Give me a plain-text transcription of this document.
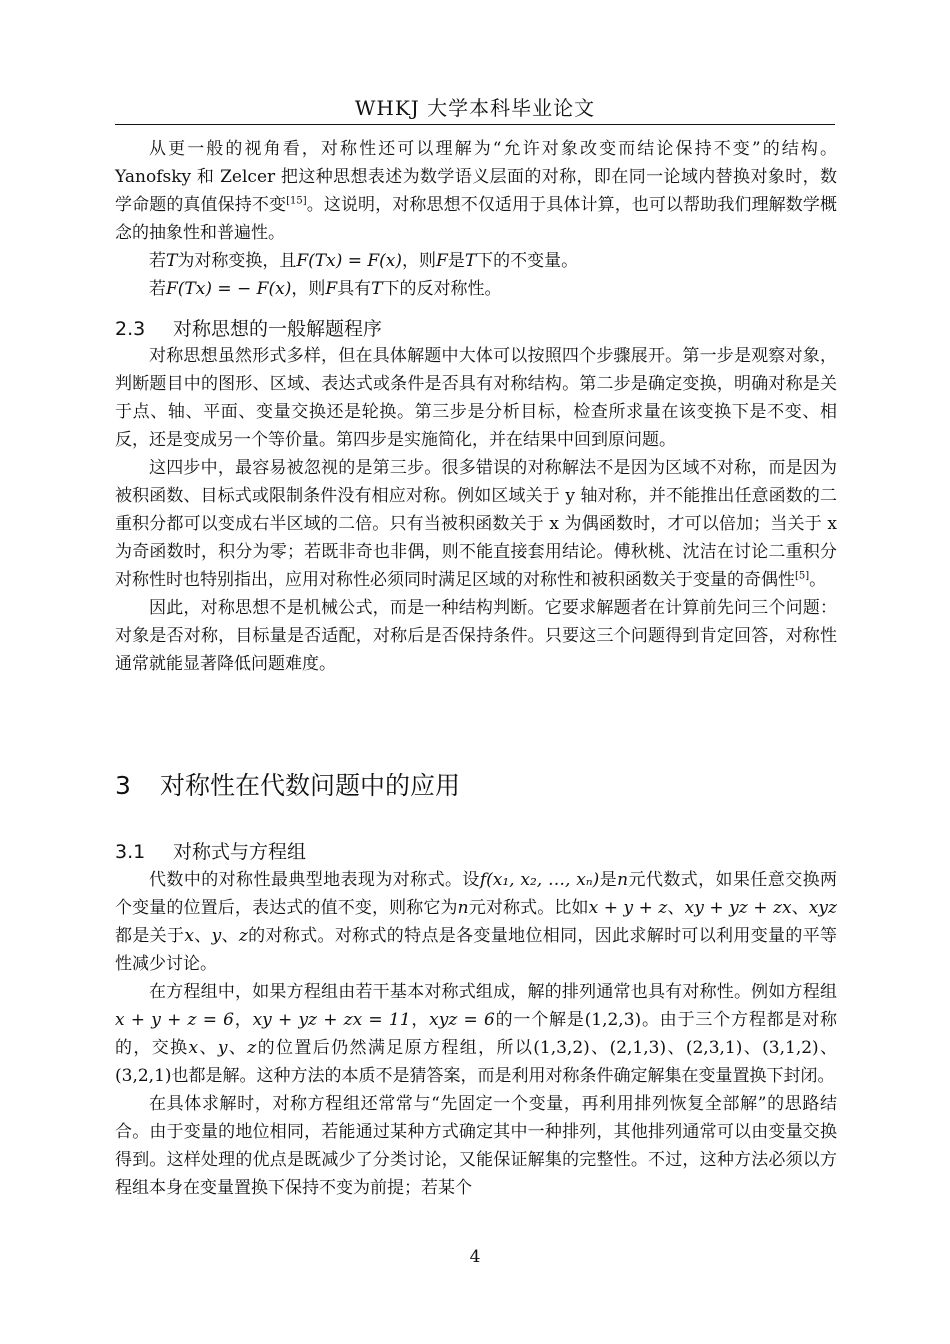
WHKJ 大学本科毕业论文

从更一般的视角看，对称性还可以理解为“允许对象改变而结论保持不变”的结构。Yanofsky 和 Zelcer 把这种思想表述为数学语义层面的对称，即在同一论域内替换对象时，数学命题的真值保持不变[15]。这说明，对称思想不仅适用于具体计算，也可以帮助我们理解数学概念的抽象性和普遍性。

若T为对称变换，且F(Tx) = F(x)，则F是T下的不变量。

若F(Tx) = − F(x)，则F具有T下的反对称性。

2.3 对称思想的一般解题程序

对称思想虽然形式多样，但在具体解题中大体可以按照四个步骤展开。第一步是观察对象，判断题目中的图形、区域、表达式或条件是否具有对称结构。第二步是确定变换，明确对称是关于点、轴、平面、变量交换还是轮换。第三步是分析目标，检查所求量在该变换下是不变、相反，还是变成另一个等价量。第四步是实施简化，并在结果中回到原问题。

这四步中，最容易被忽视的是第三步。很多错误的对称解法不是因为区域不对称，而是因为被积函数、目标式或限制条件没有相应对称。例如区域关于 y 轴对称，并不能推出任意函数的二重积分都可以变成右半区域的二倍。只有当被积函数关于 x 为偶函数时，才可以倍加；当关于 x 为奇函数时，积分为零；若既非奇也非偶，则不能直接套用结论。傅秋桃、沈洁在讨论二重积分对称性时也特别指出，应用对称性必须同时满足区域的对称性和被积函数关于变量的奇偶性[5]。

因此，对称思想不是机械公式，而是一种结构判断。它要求解题者在计算前先问三个问题：对象是否对称，目标量是否适配，对称后是否保持条件。只要这三个问题得到肯定回答，对称性通常就能显著降低问题难度。

3 对称性在代数问题中的应用
3.1 对称式与方程组

代数中的对称性最典型地表现为对称式。设f(x₁, x₂, …, xₙ)是n元代数式，如果任意交换两个变量的位置后，表达式的值不变，则称它为n元对称式。比如x + y + z、xy + yz + zx、xyz都是关于x、y、z的对称式。对称式的特点是各变量地位相同，因此求解时可以利用变量的平等性减少讨论。

在方程组中，如果方程组由若干基本对称式组成，解的排列通常也具有对称性。例如方程组x + y + z = 6，xy + yz + zx = 11，xyz = 6的一个解是(1,2,3)。由于三个方程都是对称的，交换x、y、z的位置后仍然满足原方程组，所以(1,3,2)、(2,1,3)、(2,3,1)、(3,1,2)、(3,2,1)也都是解。这种方法的本质不是猜答案，而是利用对称条件确定解集在变量置换下封闭。

在具体求解时，对称方程组还常常与“先固定一个变量，再利用排列恢复全部解”的思路结合。由于变量的地位相同，若能通过某种方式确定其中一种排列，其他排列通常可以由变量交换得到。这样处理的优点是既减少了分类讨论，又能保证解集的完整性。不过，这种方法必须以方程组本身在变量置换下保持不变为前提；若某个

4
